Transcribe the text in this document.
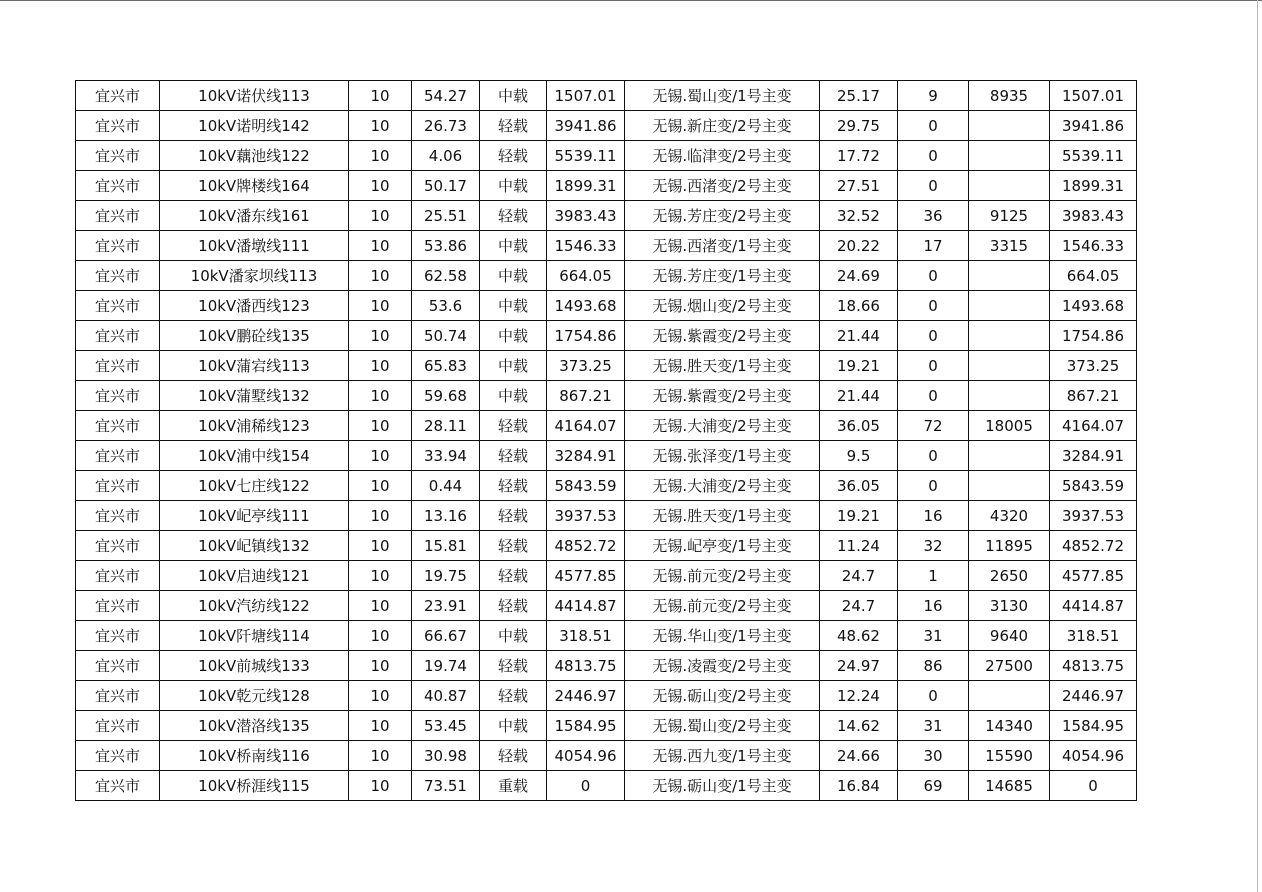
宜兴市	10kV诺伏线113	10	54.27	中载	1507.01	无锡.蜀山变/1号主变	25.17	9	8935	1507.01
宜兴市	10kV诺明线142	10	26.73	轻载	3941.86	无锡.新庄变/2号主变	29.75	0		3941.86
宜兴市	10kV藕池线122	10	4.06	轻载	5539.11	无锡.临津变/2号主变	17.72	0		5539.11
宜兴市	10kV牌楼线164	10	50.17	中载	1899.31	无锡.西渚变/2号主变	27.51	0		1899.31
宜兴市	10kV潘东线161	10	25.51	轻载	3983.43	无锡.芳庄变/2号主变	32.52	36	9125	3983.43
宜兴市	10kV潘墩线111	10	53.86	中载	1546.33	无锡.西渚变/1号主变	20.22	17	3315	1546.33
宜兴市	10kV潘家坝线113	10	62.58	中载	664.05	无锡.芳庄变/1号主变	24.69	0		664.05
宜兴市	10kV潘西线123	10	53.6	中载	1493.68	无锡.烟山变/2号主变	18.66	0		1493.68
宜兴市	10kV鹏砼线135	10	50.74	中载	1754.86	无锡.紫霞变/2号主变	21.44	0		1754.86
宜兴市	10kV蒲宕线113	10	65.83	中载	373.25	无锡.胜天变/1号主变	19.21	0		373.25
宜兴市	10kV蒲墅线132	10	59.68	中载	867.21	无锡.紫霞变/2号主变	21.44	0		867.21
宜兴市	10kV浦稀线123	10	28.11	轻载	4164.07	无锡.大浦变/2号主变	36.05	72	18005	4164.07
宜兴市	10kV浦中线154	10	33.94	轻载	3284.91	无锡.张泽变/1号主变	9.5	0		3284.91
宜兴市	10kV七庄线122	10	0.44	轻载	5843.59	无锡.大浦变/2号主变	36.05	0		5843.59
宜兴市	10kV屺亭线111	10	13.16	轻载	3937.53	无锡.胜天变/1号主变	19.21	16	4320	3937.53
宜兴市	10kV屺镇线132	10	15.81	轻载	4852.72	无锡.屺亭变/1号主变	11.24	32	11895	4852.72
宜兴市	10kV启迪线121	10	19.75	轻载	4577.85	无锡.前元变/2号主变	24.7	1	2650	4577.85
宜兴市	10kV汽纺线122	10	23.91	轻载	4414.87	无锡.前元变/2号主变	24.7	16	3130	4414.87
宜兴市	10kV阡塘线114	10	66.67	中载	318.51	无锡.华山变/1号主变	48.62	31	9640	318.51
宜兴市	10kV前城线133	10	19.74	轻载	4813.75	无锡.凌霞变/2号主变	24.97	86	27500	4813.75
宜兴市	10kV乾元线128	10	40.87	轻载	2446.97	无锡.砺山变/2号主变	12.24	0		2446.97
宜兴市	10kV潜洛线135	10	53.45	中载	1584.95	无锡.蜀山变/2号主变	14.62	31	14340	1584.95
宜兴市	10kV桥南线116	10	30.98	轻载	4054.96	无锡.西九变/1号主变	24.66	30	15590	4054.96
宜兴市	10kV桥涯线115	10	73.51	重载	0	无锡.砺山变/1号主变	16.84	69	14685	0
